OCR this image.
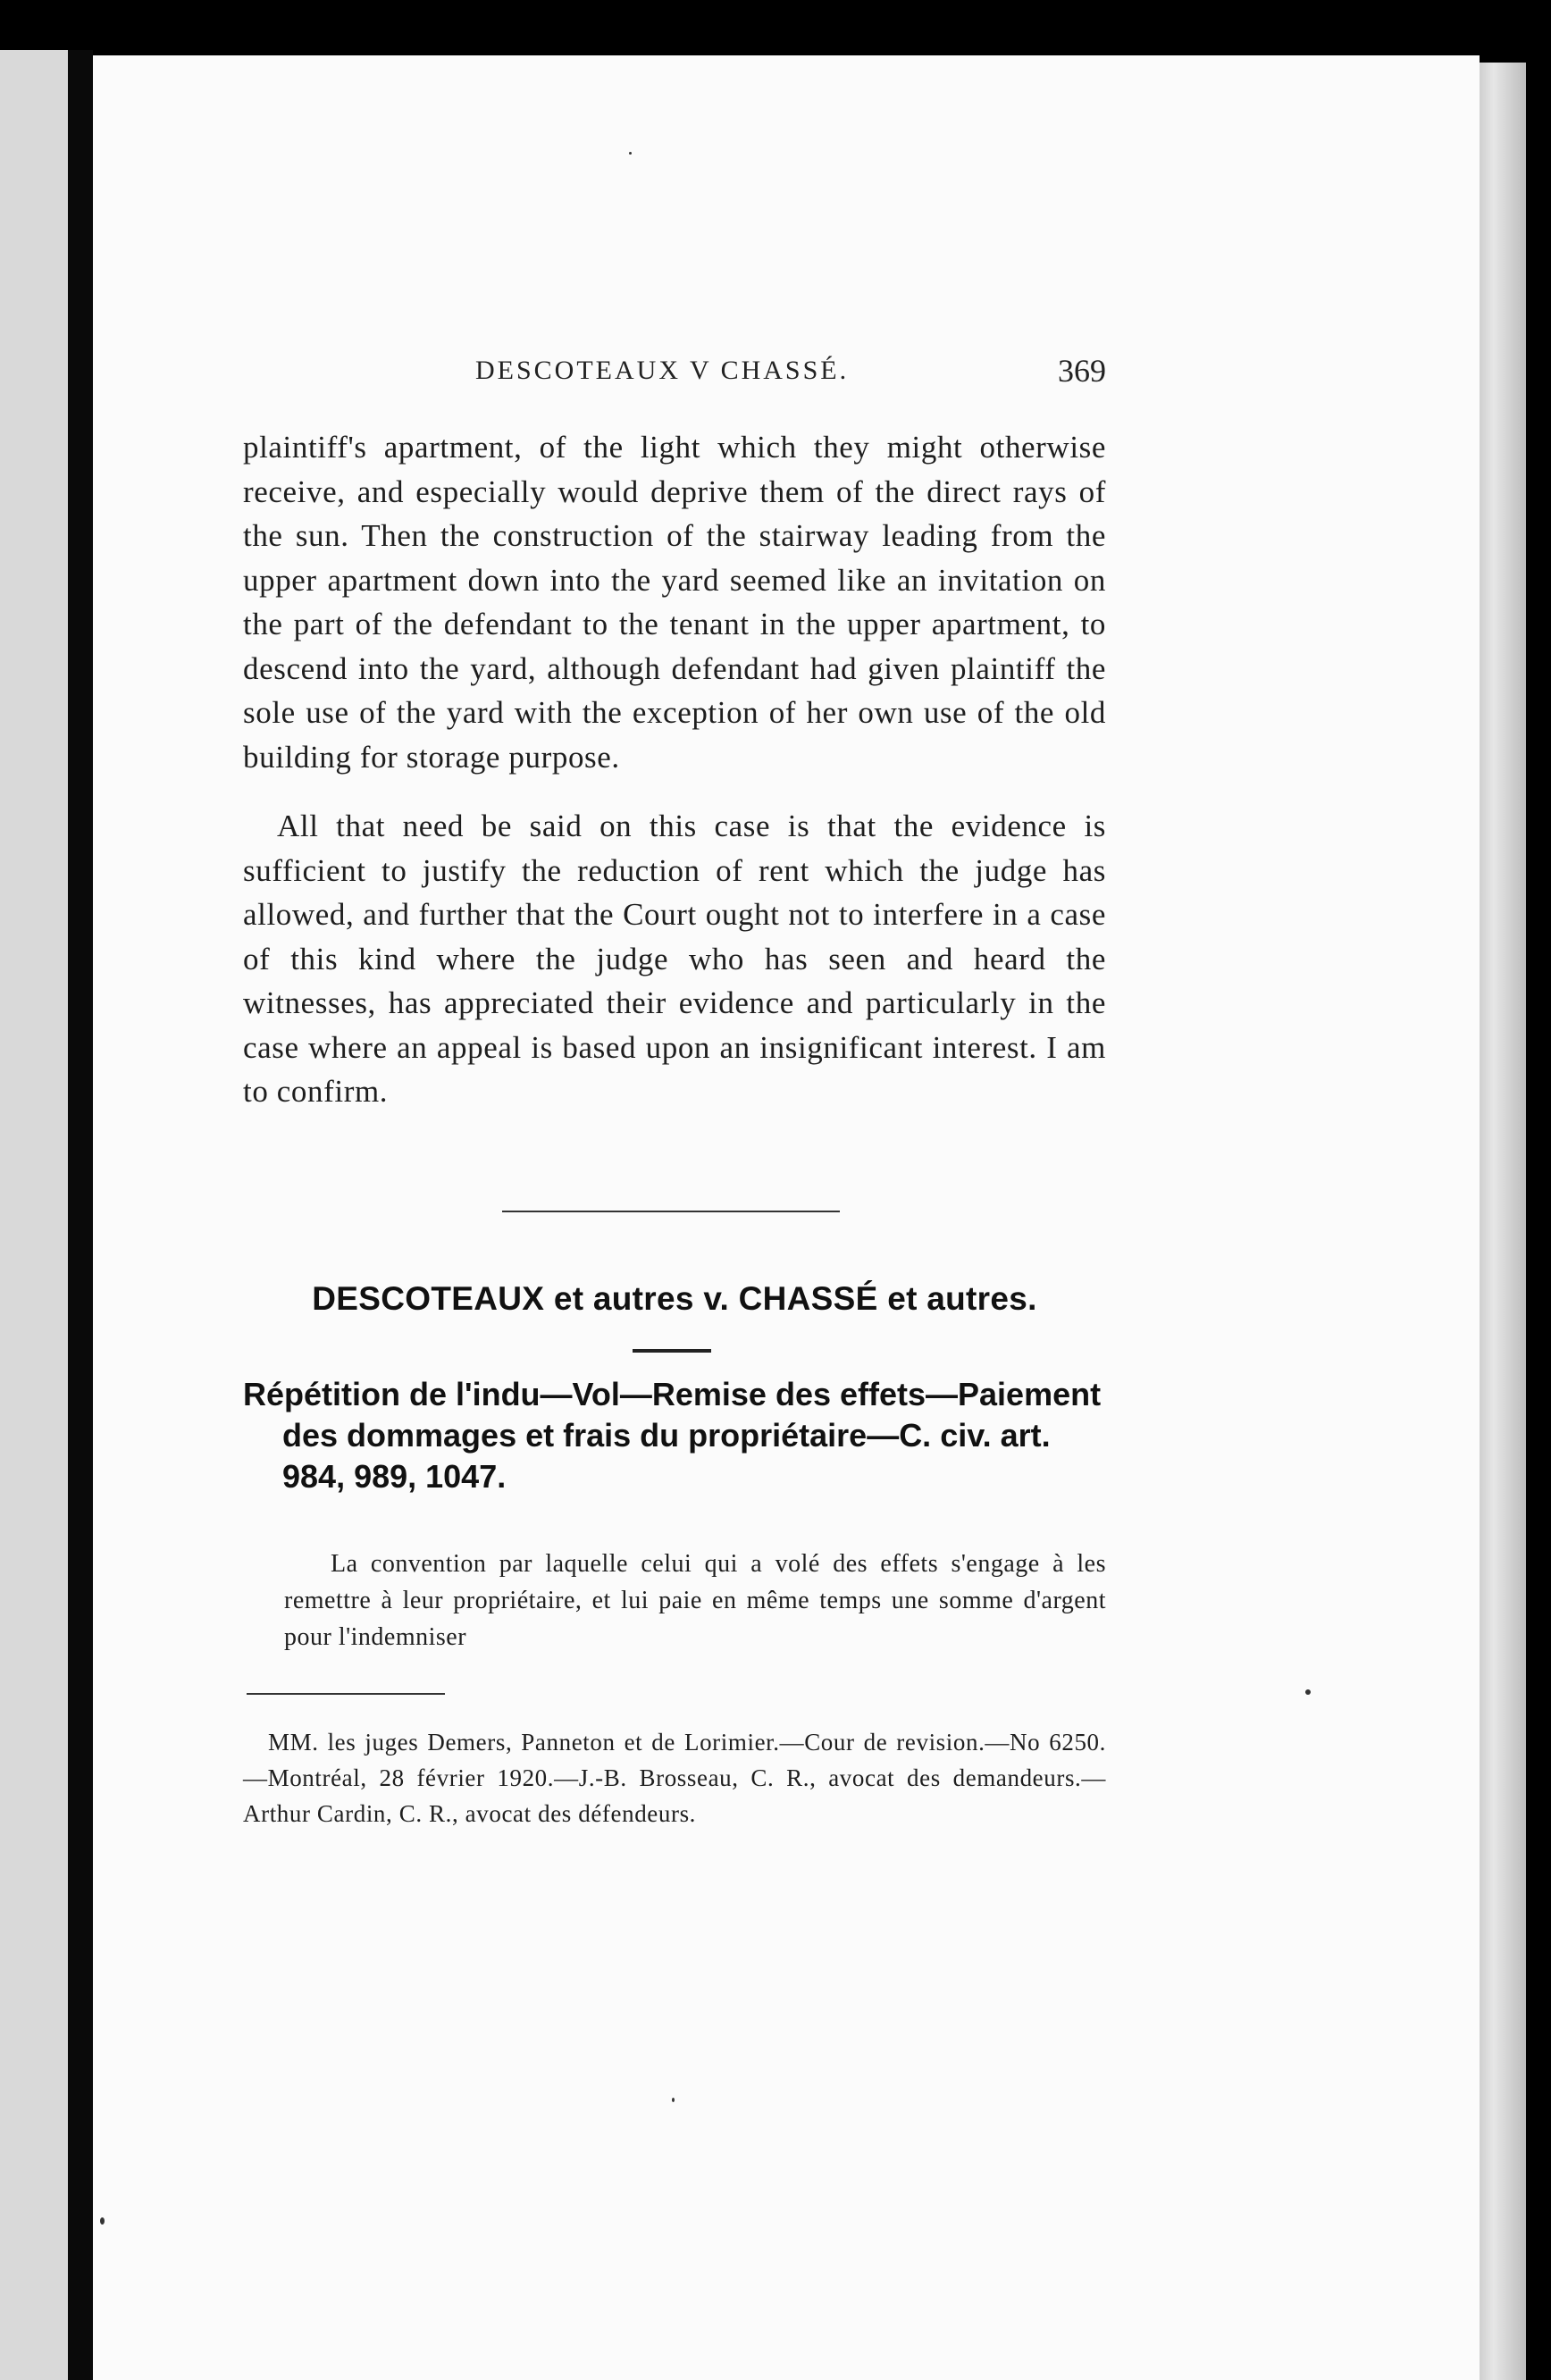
DESCOTEAUX V CHASSÉ.	369

plaintiff's apartment, of the light which they might otherwise receive, and especially would deprive them of the direct rays of the sun. Then the construction of the stairway leading from the upper apartment down into the yard seemed like an invitation on the part of the defendant to the tenant in the upper apartment, to descend into the yard, although defendant had given plaintiff the sole use of the yard with the exception of her own use of the old building for storage purpose.

All that need be said on this case is that the evidence is sufficient to justify the reduction of rent which the judge has allowed, and further that the Court ought not to interfere in a case of this kind where the judge who has seen and heard the witnesses, has appreciated their evidence and particularly in the case where an appeal is based upon an insignificant interest. I am to confirm.

DESCOTEAUX et autres v. CHASSÉ et autres.
Répétition de l'indu—Vol—Remise des effets—Paiement des dommages et frais du propriétaire—C. civ. art. 984, 989, 1047.
La convention par laquelle celui qui a volé des effets s'engage à les remettre à leur propriétaire, et lui paie en même temps une somme d'argent pour l'indemniser
MM. les juges Demers, Panneton et de Lorimier.—Cour de revision.—No 6250.—Montréal, 28 février 1920.—J.-B. Brosseau, C. R., avocat des demandeurs.—Arthur Cardin, C. R., avocat des défendeurs.
